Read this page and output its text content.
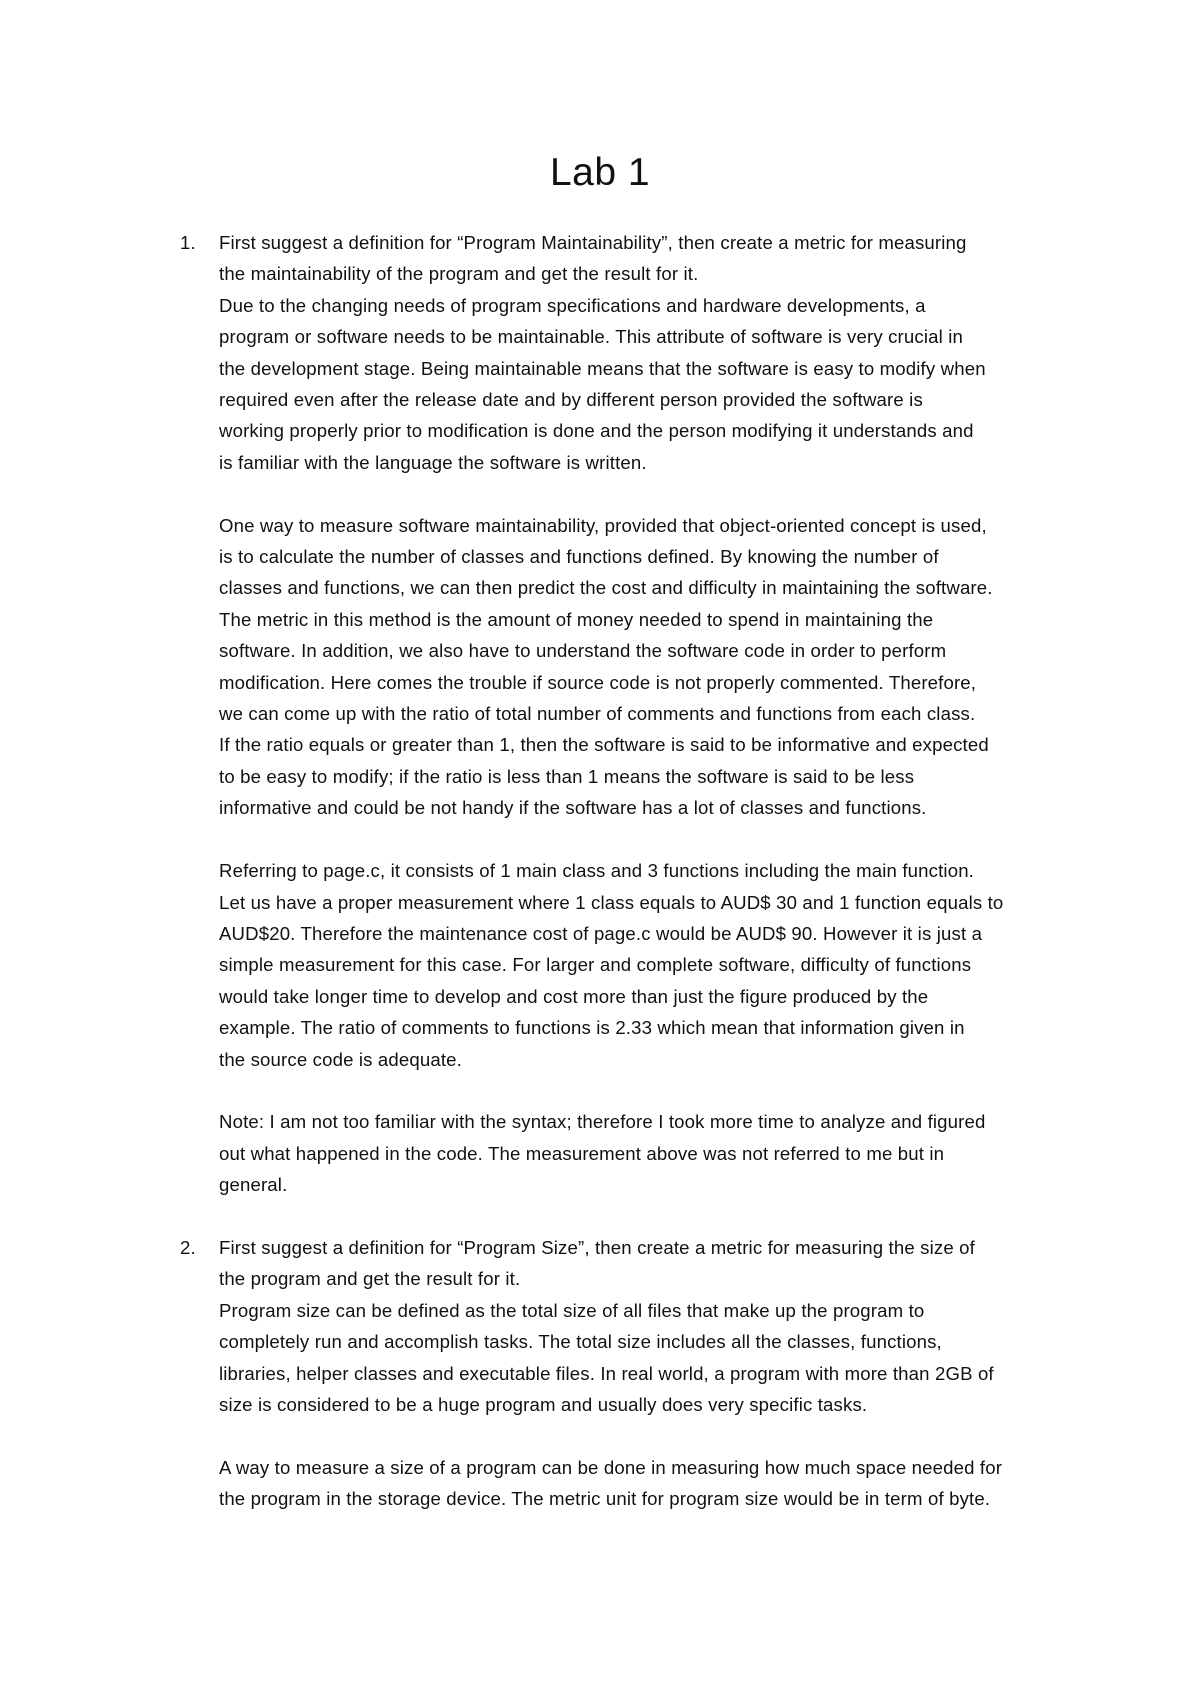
Lab 1
1. First suggest a definition for “Program Maintainability”, then create a metric for measuring
the maintainability of the program and get the result for it.
Due to the changing needs of program specifications and hardware developments, a
program or software needs to be maintainable. This attribute of software is very crucial in
the development stage. Being maintainable means that the software is easy to modify when
required even after the release date and by different person provided the software is
working properly prior to modification is done and the person modifying it understands and
is familiar with the language the software is written.
One way to measure software maintainability, provided that object-oriented concept is used,
is to calculate the number of classes and functions defined. By knowing the number of
classes and functions, we can then predict the cost and difficulty in maintaining the software.
The metric in this method is the amount of money needed to spend in maintaining the
software. In addition, we also have to understand the software code in order to perform
modification. Here comes the trouble if source code is not properly commented. Therefore,
we can come up with the ratio of total number of comments and functions from each class.
If the ratio equals or greater than 1, then the software is said to be informative and expected
to be easy to modify; if the ratio is less than 1 means the software is said to be less
informative and could be not handy if the software has a lot of classes and functions.
Referring to page.c, it consists of 1 main class and 3 functions including the main function.
Let us have a proper measurement where 1 class equals to AUD$ 30 and 1 function equals to
AUD$20. Therefore the maintenance cost of page.c would be AUD$ 90. However it is just a
simple measurement for this case. For larger and complete software, difficulty of functions
would take longer time to develop and cost more than just the figure produced by the
example. The ratio of comments to functions is 2.33 which mean that information given in
the source code is adequate.
Note: I am not too familiar with the syntax; therefore I took more time to analyze and figured
out what happened in the code. The measurement above was not referred to me but in
general.
2. First suggest a definition for “Program Size”, then create a metric for measuring the size of
the program and get the result for it.
Program size can be defined as the total size of all files that make up the program to
completely run and accomplish tasks. The total size includes all the classes, functions,
libraries, helper classes and executable files. In real world, a program with more than 2GB of
size is considered to be a huge program and usually does very specific tasks.
A way to measure a size of a program can be done in measuring how much space needed for
the program in the storage device. The metric unit for program size would be in term of byte.
